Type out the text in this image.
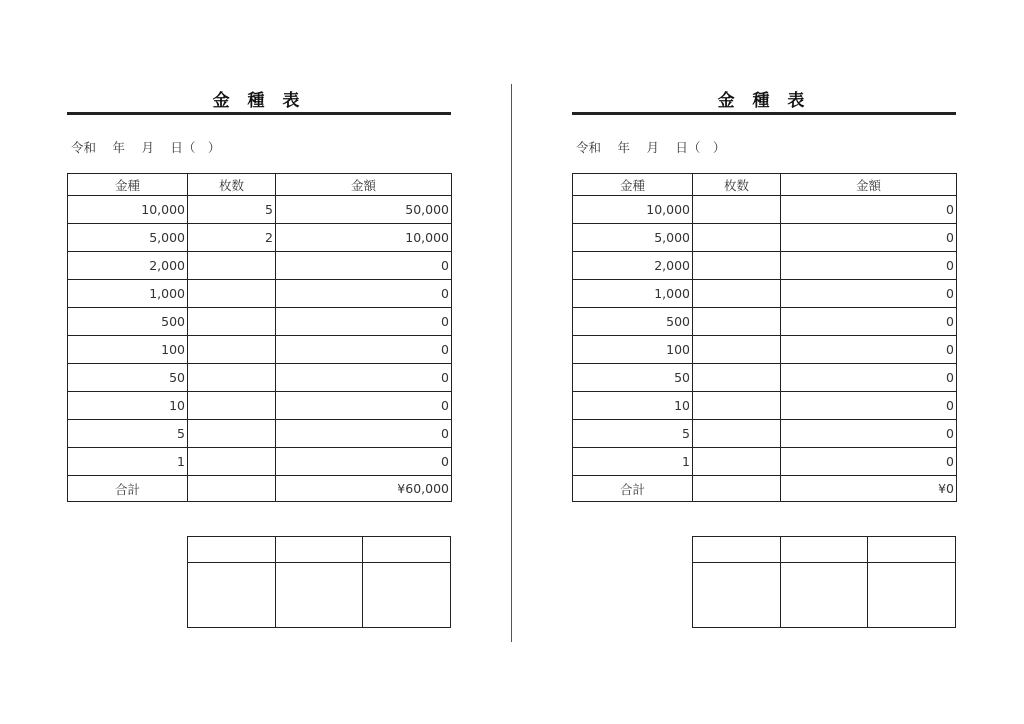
金 種 表
令和　 年　 月　 日（　）
金種	枚数	金額
10,000	5	50,000
5,000	2	10,000
2,000		0
1,000		0
500		0
100		0
50		0
10		0
5		0
1		0
合計		¥60,000

金 種 表
令和　 年　 月　 日（　）
金種	枚数	金額
10,000		0
5,000		0
2,000		0
1,000		0
500		0
100		0
50		0
10		0
5		0
1		0
合計		¥0
